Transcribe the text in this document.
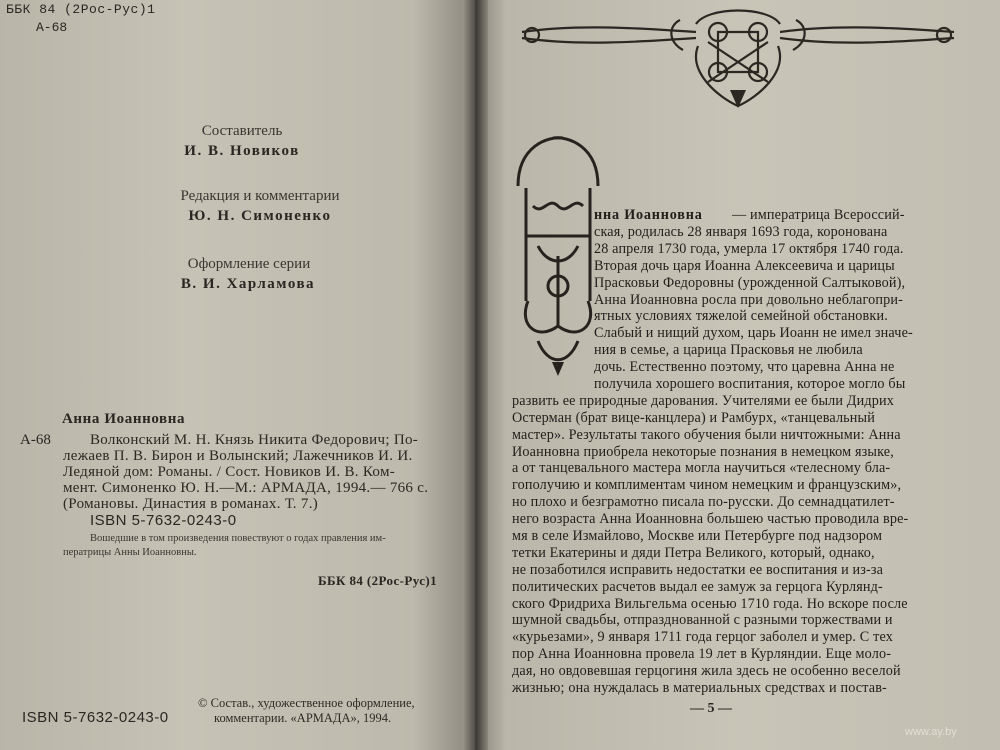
ББК 84 (2Рос-Рус)1
А-68
Составитель
И. В. Новиков
Редакция и комментарии
Ю. Н. Симоненко
Оформление серии
В. И. Харламова
Анна Иоанновна
А-68	Волконский М. Н. Князь Никита Федорович; По-
лежаев П. В. Бирон и Волынский; Лажечников И. И.
Ледяной дом: Романы. / Сост. Новиков И. В. Ком-
мент. Симоненко Ю. Н.—М.: АРМАДА, 1994.— 766 с.
(Романовы. Династия в романах. Т. 7.)
ISBN 5-7632-0243-0
Вошедшие в том произведения повествуют о годах правления им-
ператрицы Анны Иоанновны.
ББК 84 (2Рос-Рус)1
ISBN 5-7632-0243-0
© Состав., художественное оформление,
комментарии. «АРМАДА», 1994.
нна Иоанновна — императрица Всероссий-
ская, родилась 28 января 1693 года, коронована
28 апреля 1730 года, умерла 17 октября 1740 года.
Вторая дочь царя Иоанна Алексеевича и царицы
Прасковьи Федоровны (урожденной Салтыковой),
Анна Иоанновна росла при довольно неблагопри-
ятных условиях тяжелой семейной обстановки.
Слабый и нищий духом, царь Иоанн не имел значе-
ния в семье, а царица Прасковья не любила
дочь. Естественно поэтому, что царевна Анна не
получила хорошего воспитания, которое могло бы
развить ее природные дарования. Учителями ее были Дидрих
Остерман (брат вице-канцлера) и Рамбурх, «танцевальный
мастер». Результаты такого обучения были ничтожными: Анна
Иоанновна приобрела некоторые познания в немецком языке,
а от танцевального мастера могла научиться «телесному бла-
гополучию и комплиментам чином немецким и французским»,
но плохо и безграмотно писала по-русски. До семнадцатилет-
него возраста Анна Иоанновна большею частью проводила вре-
мя в селе Измайлово, Москве или Петербурге под надзором
тетки Екатерины и дяди Петра Великого, который, однако,
не позаботился исправить недостатки ее воспитания и из-за
политических расчетов выдал ее замуж за герцога Курлянд-
ского Фридриха Вильгельма осенью 1710 года. Но вскоре после
шумной свадьбы, отпразднованной с разными торжествами и
«курьезами», 9 января 1711 года герцог заболел и умер. С тех
— 5 —
www.ay.by
пор Анна Иоанновна провела 19 лет в Курляндии. Еще моло-
дая, но овдовевшая герцогиня жила здесь не особенно веселой
жизнью; она нуждалась в материальных средствах и постав-
